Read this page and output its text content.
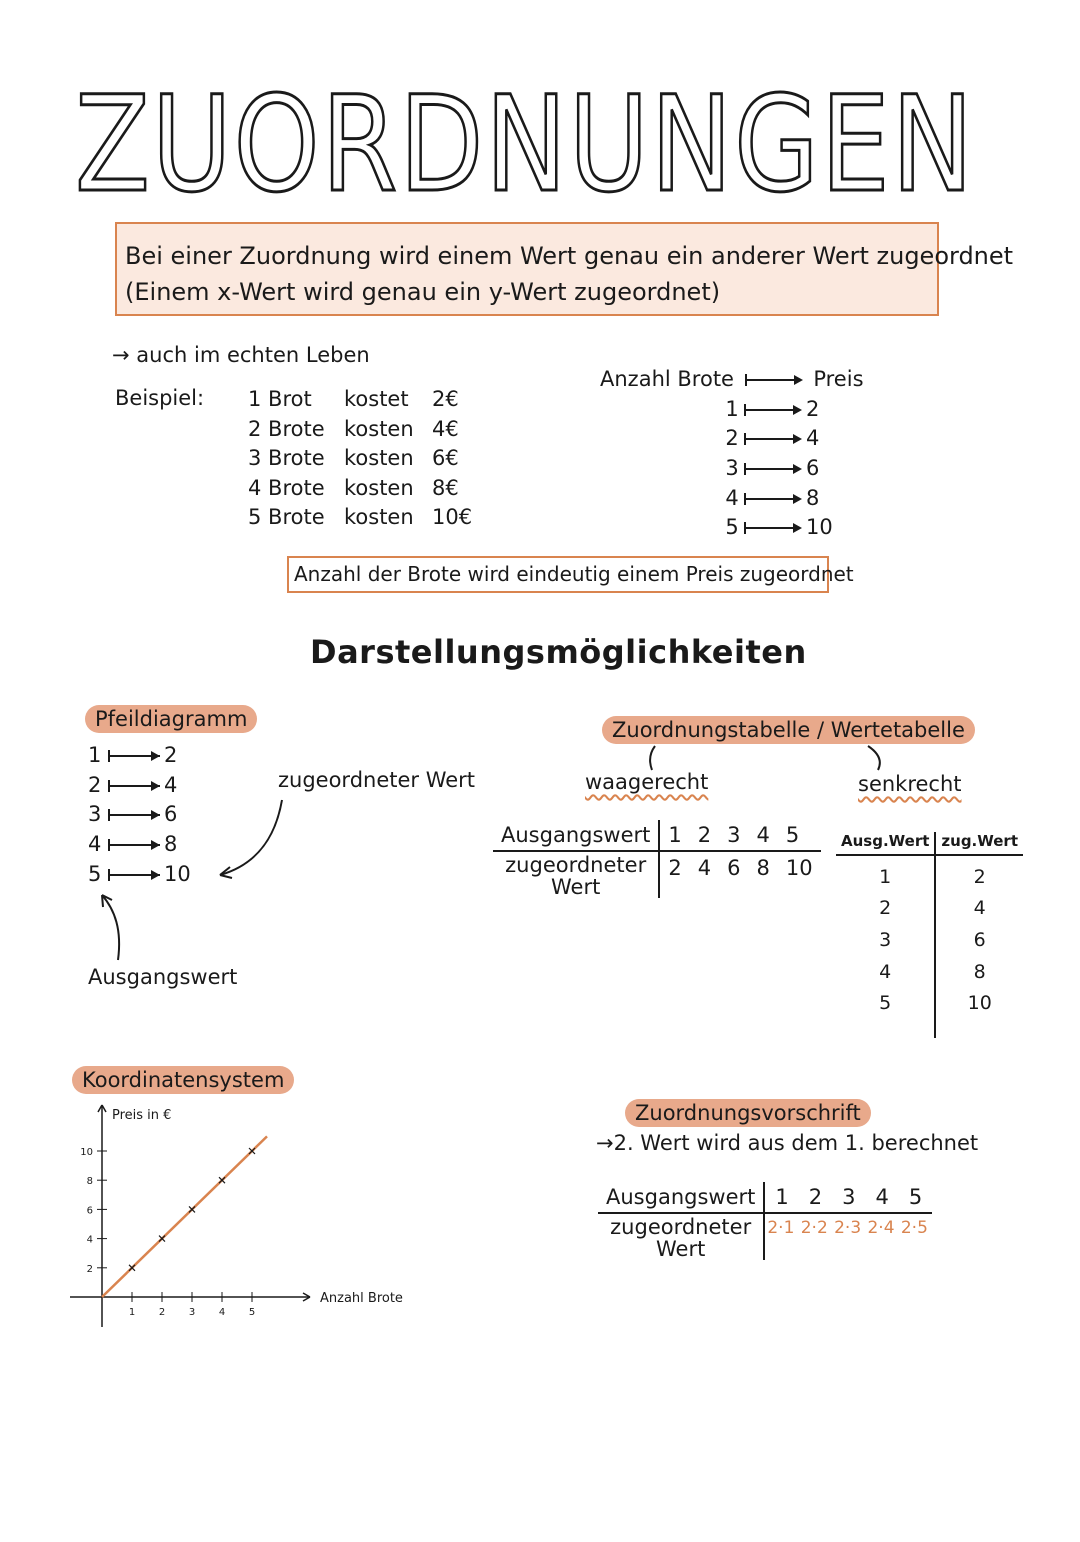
ZUORDNUNGEN
Bei einer Zuordnung wird einem Wert genau ein anderer Wert zugeordnet
(Einem x-Wert wird genau ein y-Wert zugeordnet)
→ auch im echten Leben
Beispiel: 1 Brot	kostet	2€
2 Brote	kosten	4€
3 Brote	kosten	6€
4 Brote	kosten	8€
5 Brote	kosten	10€
Anzahl Brote	Preis
1	2
2	4
3	6
4	8
5	10
Anzahl der Brote wird eindeutig einem Preis zugeordnet
Darstellungsmöglichkeiten
Pfeildiagramm
1	2
2	4
3	6
4	8
5	10
zugeordneter Wert
Ausgangswert
Zuordnungstabelle / Wertetabelle
waagerecht	senkrecht
Ausgangswert	1	2	3	4	5
zugeordneter Wert	2	4	6	8	10
Ausg.Wert	zug.Wert
1	2
2	4
3	6
4	8
5	10
Koordinatensystem
Anzahl Brote
Preis in €
1 2 3 4 5
2
4
6
8
10
Zuordnungsvorschrift
→2. Wert wird aus dem 1. berechnet
Ausgangswert	1	2	3	4	5
zugeordneter Wert	2·1	2·2	2·3	2·4	2·5
